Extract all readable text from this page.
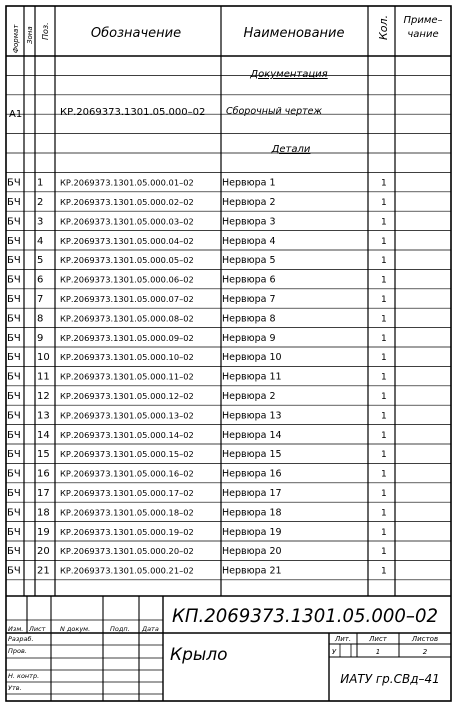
Формат Зона Поз.	Обозначение	Наименование	Кол. Приме–
чание
Документация
А1	КР.2069373.1301.05.000–02 Сборочный чертеж
Детали
БЧ 1 КР.2069373.1301.05.000.01–02	Нервюра 1	1
БЧ 2 КР.2069373.1301.05.000.02–02	Нервюра 2	1
БЧ 3 КР.2069373.1301.05.000.03–02	Нервюра 3	1
БЧ 4 КР.2069373.1301.05.000.04–02	Нервюра 4	1
БЧ 5 КР.2069373.1301.05.000.05–02	Нервюра 5	1
БЧ 6 КР.2069373.1301.05.000.06–02	Нервюра 6	1
БЧ 7 КР.2069373.1301.05.000.07–02	Нервюра 7	1
БЧ 8 КР.2069373.1301.05.000.08–02	Нервюра 8	1
БЧ 9 КР.2069373.1301.05.000.09–02	Нервюра 9	1
БЧ 10 КР.2069373.1301.05.000.10–02	Нервюра 10	1
БЧ 11 КР.2069373.1301.05.000.11–02	Нервюра 11	1
БЧ 12 КР.2069373.1301.05.000.12–02	Нервюра 2	1
БЧ 13 КР.2069373.1301.05.000.13–02	Нервюра 13	1
БЧ 14 КР.2069373.1301.05.000.14–02	Нервюра 14	1
БЧ 15 КР.2069373.1301.05.000.15–02	Нервюра 15	1
БЧ 16 КР.2069373.1301.05.000.16–02	Нервюра 16	1
БЧ 17 КР.2069373.1301.05.000.17–02	Нервюра 17	1
БЧ 18 КР.2069373.1301.05.000.18–02	Нервюра 18	1
БЧ 19 КР.2069373.1301.05.000.19–02	Нервюра 19	1
БЧ 20 КР.2069373.1301.05.000.20–02	Нервюра 20	1
БЧ 21 КР.2069373.1301.05.000.21–02	Нервюра 21	1
КП.2069373.1301.05.000–02
Изм. Лист N докум.	Подп. Дата
Разраб.
Пров.
Н. контр.
Утв.
Крыло
Лит.	Лист	Листов
У	1	2
ИАТУ гр.СВд–41
